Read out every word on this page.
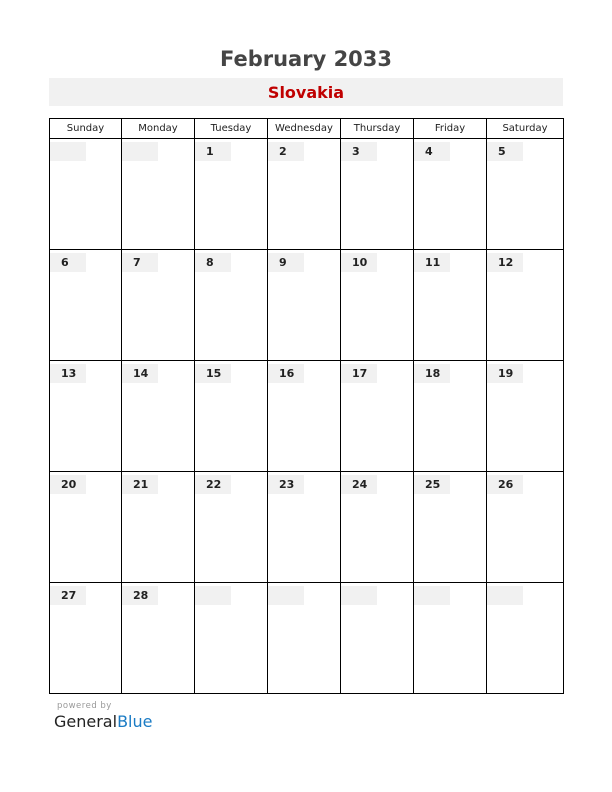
February 2033
Slovakia
Sunday	Monday	Tuesday	Wednesday	Thursday	Friday	Saturday

		1	2	3	4	5

6	7	8	9	10	11	12

13	14	15	16	17	18	19

20	21	22	23	24	25	26

27	28					

powered by
GeneralBlue
